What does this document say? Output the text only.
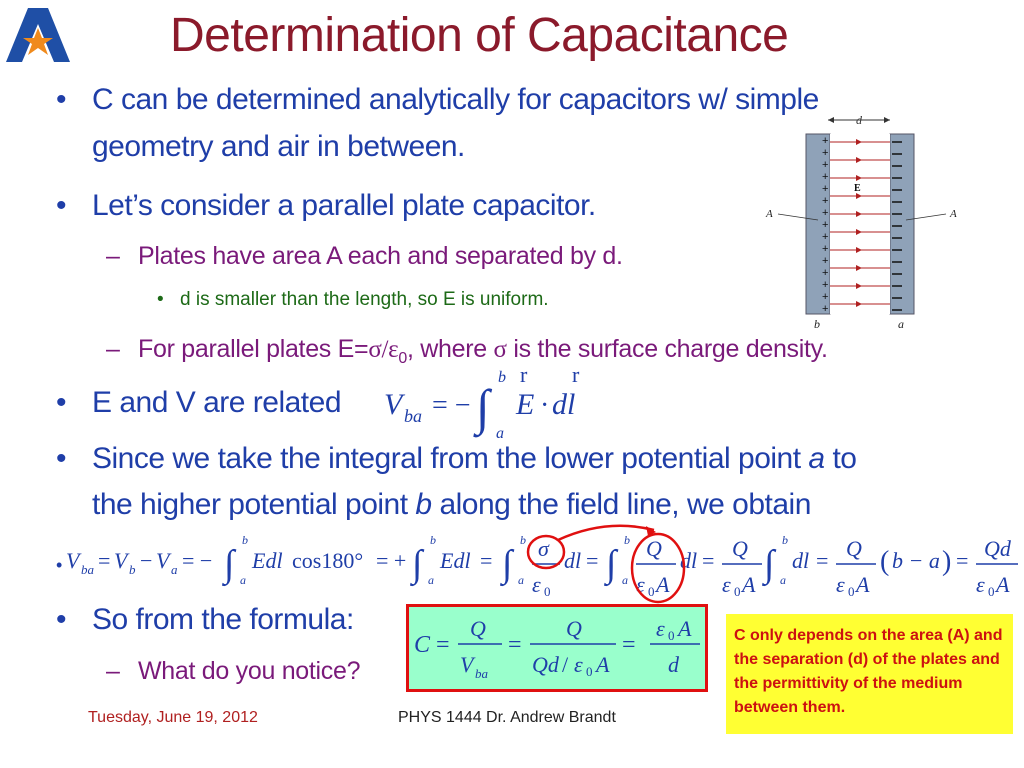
Determination of Capacitance
• C can be determined analytically for capacitors w/ simple
geometry and air in between.
• Let’s consider a parallel plate capacitor.
– Plates have area A each and separated by d.
• d is smaller than the length, so E is uniform.
– For parallel plates $E=\sigma/\varepsilon_0$, where σ is the surface charge density.
• E and V are related V ba = − ∫
b
a
r
E ·
r
dl
• Since we take the integral from the lower potential point a to
the higher potential point b along the field line, we obtain
• V ba = V b − V a = − ∫
b
a
Edl cos180° = + ∫
b
a
Edl = ∫
b
a
σ
ε 0
dl = ∫
b
a
Q
ε 0 A
dl = Q
ε 0 A ∫
b
a
dl = Q
ε 0 A
( b − a ) = Qd
ε 0 A
• So from the formula:
– What do you notice?
C =
Q
V ba
=
Q
Qd / ε 0 A
=
ε 0 A
d
C only depends on the area (A) and the separation (d) of the plates and the permittivity of the medium between them.
d
+
+
+
+
+
+
+
+
+
+
+
+
+
+
+
E
A	A
b	a
Tuesday, June 19, 2012	PHYS 1444 Dr. Andrew Brandt
